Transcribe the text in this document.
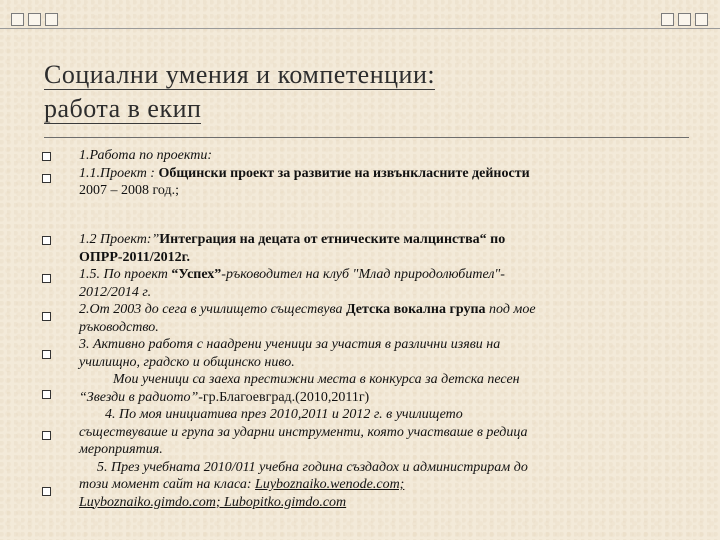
Социални умения и компетенции:
работа в екип
1.Работа по проекти:
1.1.Проект : Общински проект за развитие на извънкласните дейности
2007 – 2008 год.;
1.2 Проект:”Интеграция на децата от етническите малцинства“ по
ОПРР-2011/2012г.
1.5. По проект “Успех”-ръководител на клуб "Млад природолюбител"-
2012/2014 г.
2.От 2003 до сега в училището съществува Детска вокална група под мое
ръководство.
3. Активно работя с наадрени ученици за участия в различни изяви на
училищно, градско и общинско ниво.
Мои ученици са заеха престижни места в конкурса за детска песен
“Звезди в радиото”-гр.Благоевград.(2010,2011г)
4. По моя инициатива през 2010,2011 и 2012 г. в училището
съществуваше и група за ударни инструменти, която участваше в редица
мероприятия.
5. През учебната 2010/011 учебна година създадох и администрирам до
този момент сайт на класа: Luyboznaiko.wenode.com;
Luyboznaiko.gimdo.com; Lubopitko.gimdo.com
